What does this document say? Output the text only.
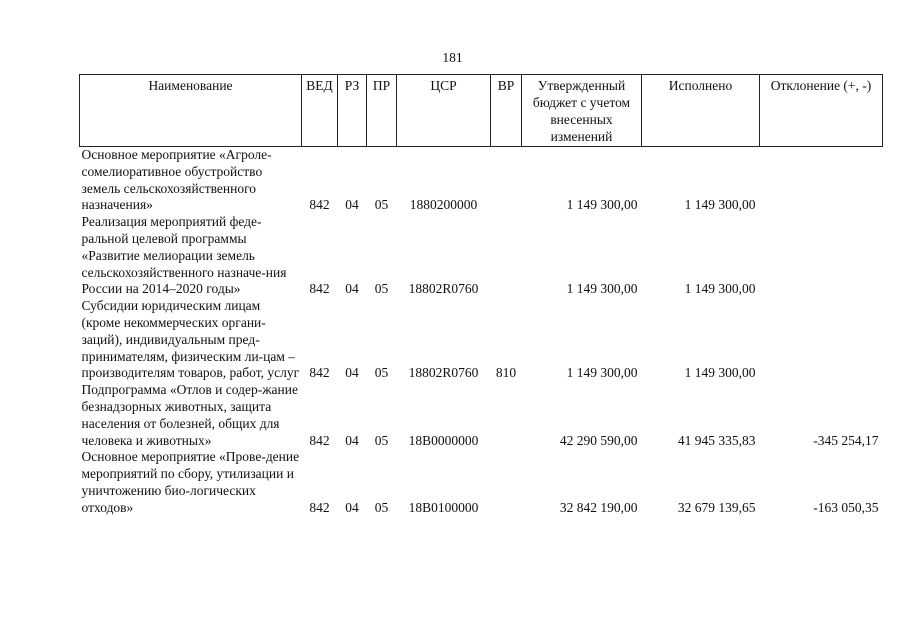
181
Наименование	ВЕД	РЗ	ПР	ЦСР	ВР	Утвержденный бюджет с учетом внесенных изменений	Исполнено	Отклонение (+, -)
Основное мероприятие «Агроле-сомелиоративное обустройство земель сельскохозяйственного назначения»	842	04	05	1880200000		1 149 300,00	1 149 300,00	
Реализация мероприятий феде-ральной целевой программы «Развитие мелиорации земель сельскохозяйственного назначе-ния России на 2014–2020 годы»	842	04	05	18802R0760		1 149 300,00	1 149 300,00	
Субсидии юридическим лицам (кроме некоммерческих органи-заций), индивидуальным пред-принимателям, физическим ли-цам – производителям товаров, работ, услуг	842	04	05	18802R0760	810	1 149 300,00	1 149 300,00	
Подпрограмма «Отлов и содер-жание безнадзорных животных, защита населения от болезней, общих для человека и животных»	842	04	05	18В0000000		42 290 590,00	41 945 335,83	-345 254,17
Основное мероприятие «Прове-дение мероприятий по сбору, утилизации и уничтожению био-логических отходов»	842	04	05	18В0100000		32 842 190,00	32 679 139,65	-163 050,35
